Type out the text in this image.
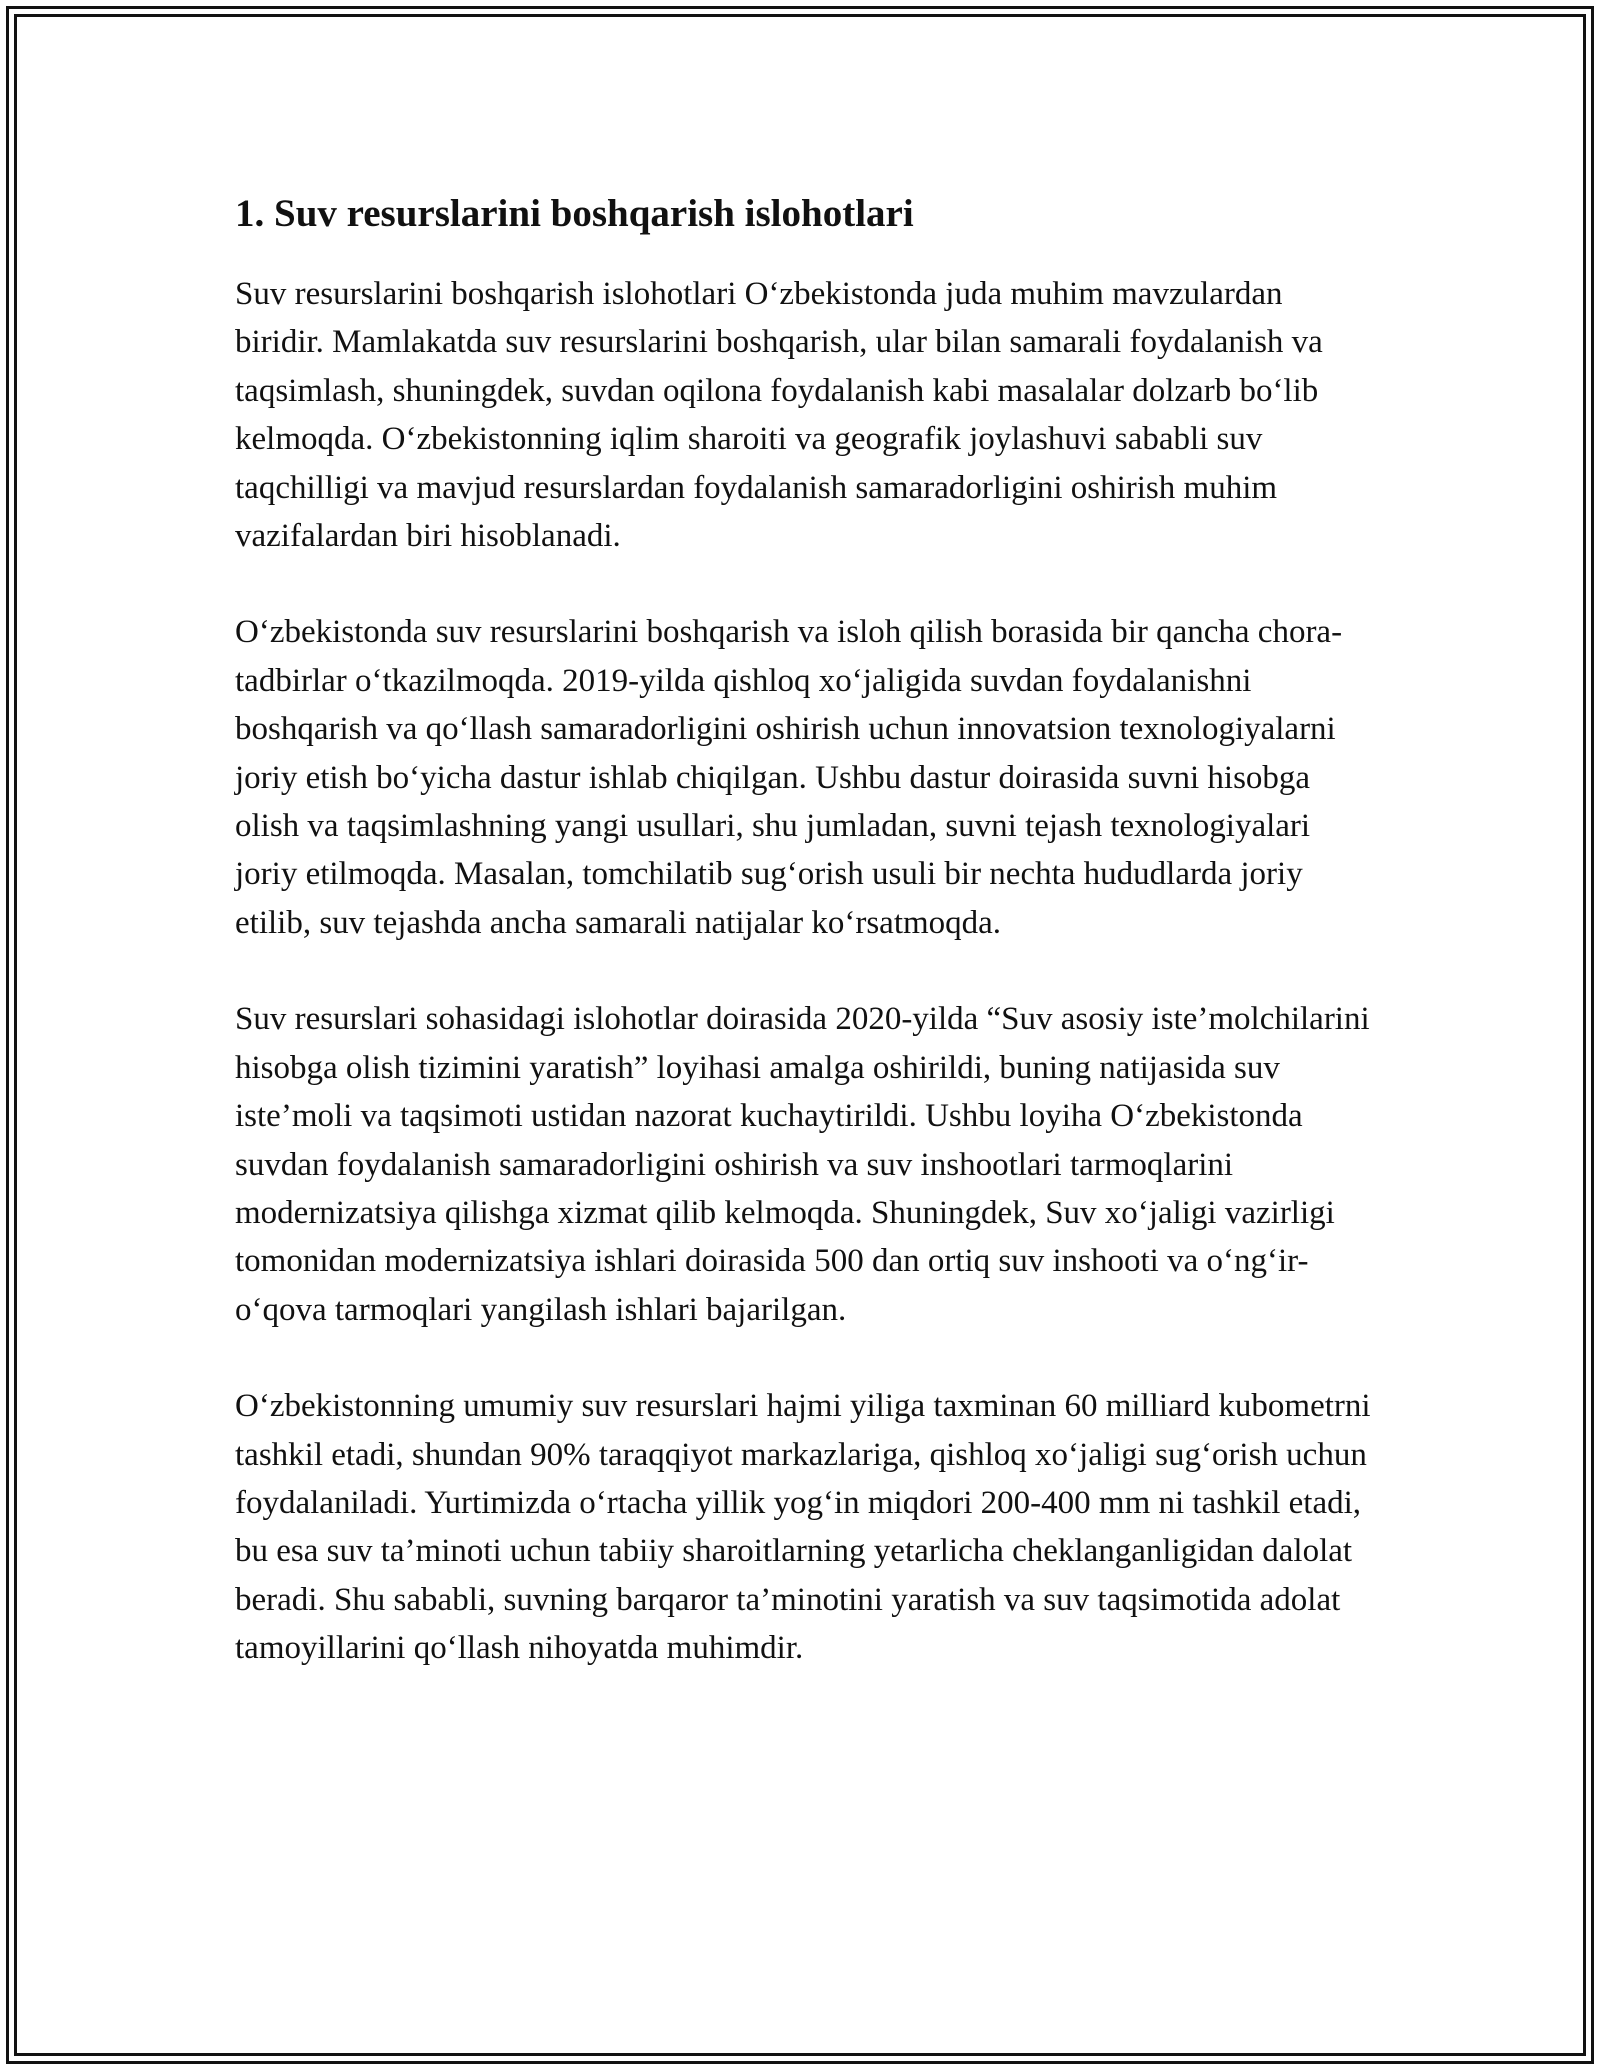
1. Suv resurslarini boshqarish islohotlari

Suv resurslarini boshqarish islohotlari O‘zbekistonda juda muhim mavzulardan biridir. Mamlakatda suv resurslarini boshqarish, ular bilan samarali foydalanish va taqsimlash, shuningdek, suvdan oqilona foydalanish kabi masalalar dolzarb bo‘lib kelmoqda. O‘zbekistonning iqlim sharoiti va geografik joylashuvi sababli suv taqchilligi va mavjud resurslardan foydalanish samaradorligini oshirish muhim vazifalardan biri hisoblanadi.

O‘zbekistonda suv resurslarini boshqarish va isloh qilish borasida bir qancha chora-tadbirlar o‘tkazilmoqda. 2019-yilda qishloq xo‘jaligida suvdan foydalanishni boshqarish va qo‘llash samaradorligini oshirish uchun innovatsion texnologiyalarni joriy etish bo‘yicha dastur ishlab chiqilgan. Ushbu dastur doirasida suvni hisobga olish va taqsimlashning yangi usullari, shu jumladan, suvni tejash texnologiyalari joriy etilmoqda. Masalan, tomchilatib sug‘orish usuli bir nechta hududlarda joriy etilib, suv tejashda ancha samarali natijalar ko‘rsatmoqda.

Suv resurslari sohasidagi islohotlar doirasida 2020-yilda “Suv asosiy iste’molchilarini hisobga olish tizimini yaratish” loyihasi amalga oshirildi, buning natijasida suv iste’moli va taqsimoti ustidan nazorat kuchaytirildi. Ushbu loyiha O‘zbekistonda suvdan foydalanish samaradorligini oshirish va suv inshootlari tarmoqlarini modernizatsiya qilishga xizmat qilib kelmoqda. Shuningdek, Suv xo‘jaligi vazirligi tomonidan modernizatsiya ishlari doirasida 500 dan ortiq suv inshooti va o‘ng‘ir-o‘qova tarmoqlari yangilash ishlari bajarilgan.

O‘zbekistonning umumiy suv resurslari hajmi yiliga taxminan 60 milliard kubometrni tashkil etadi, shundan 90% taraqqiyot markazlariga, qishloq xo‘jaligi sug‘orish uchun foydalaniladi. Yurtimizda o‘rtacha yillik yog‘in miqdori 200-400 mm ni tashkil etadi, bu esa suv ta’minoti uchun tabiiy sharoitlarning yetarlicha cheklanganligidan dalolat beradi. Shu sababli, suvning barqaror ta’minotini yaratish va suv taqsimotida adolat tamoyillarini qo‘llash nihoyatda muhimdir.
